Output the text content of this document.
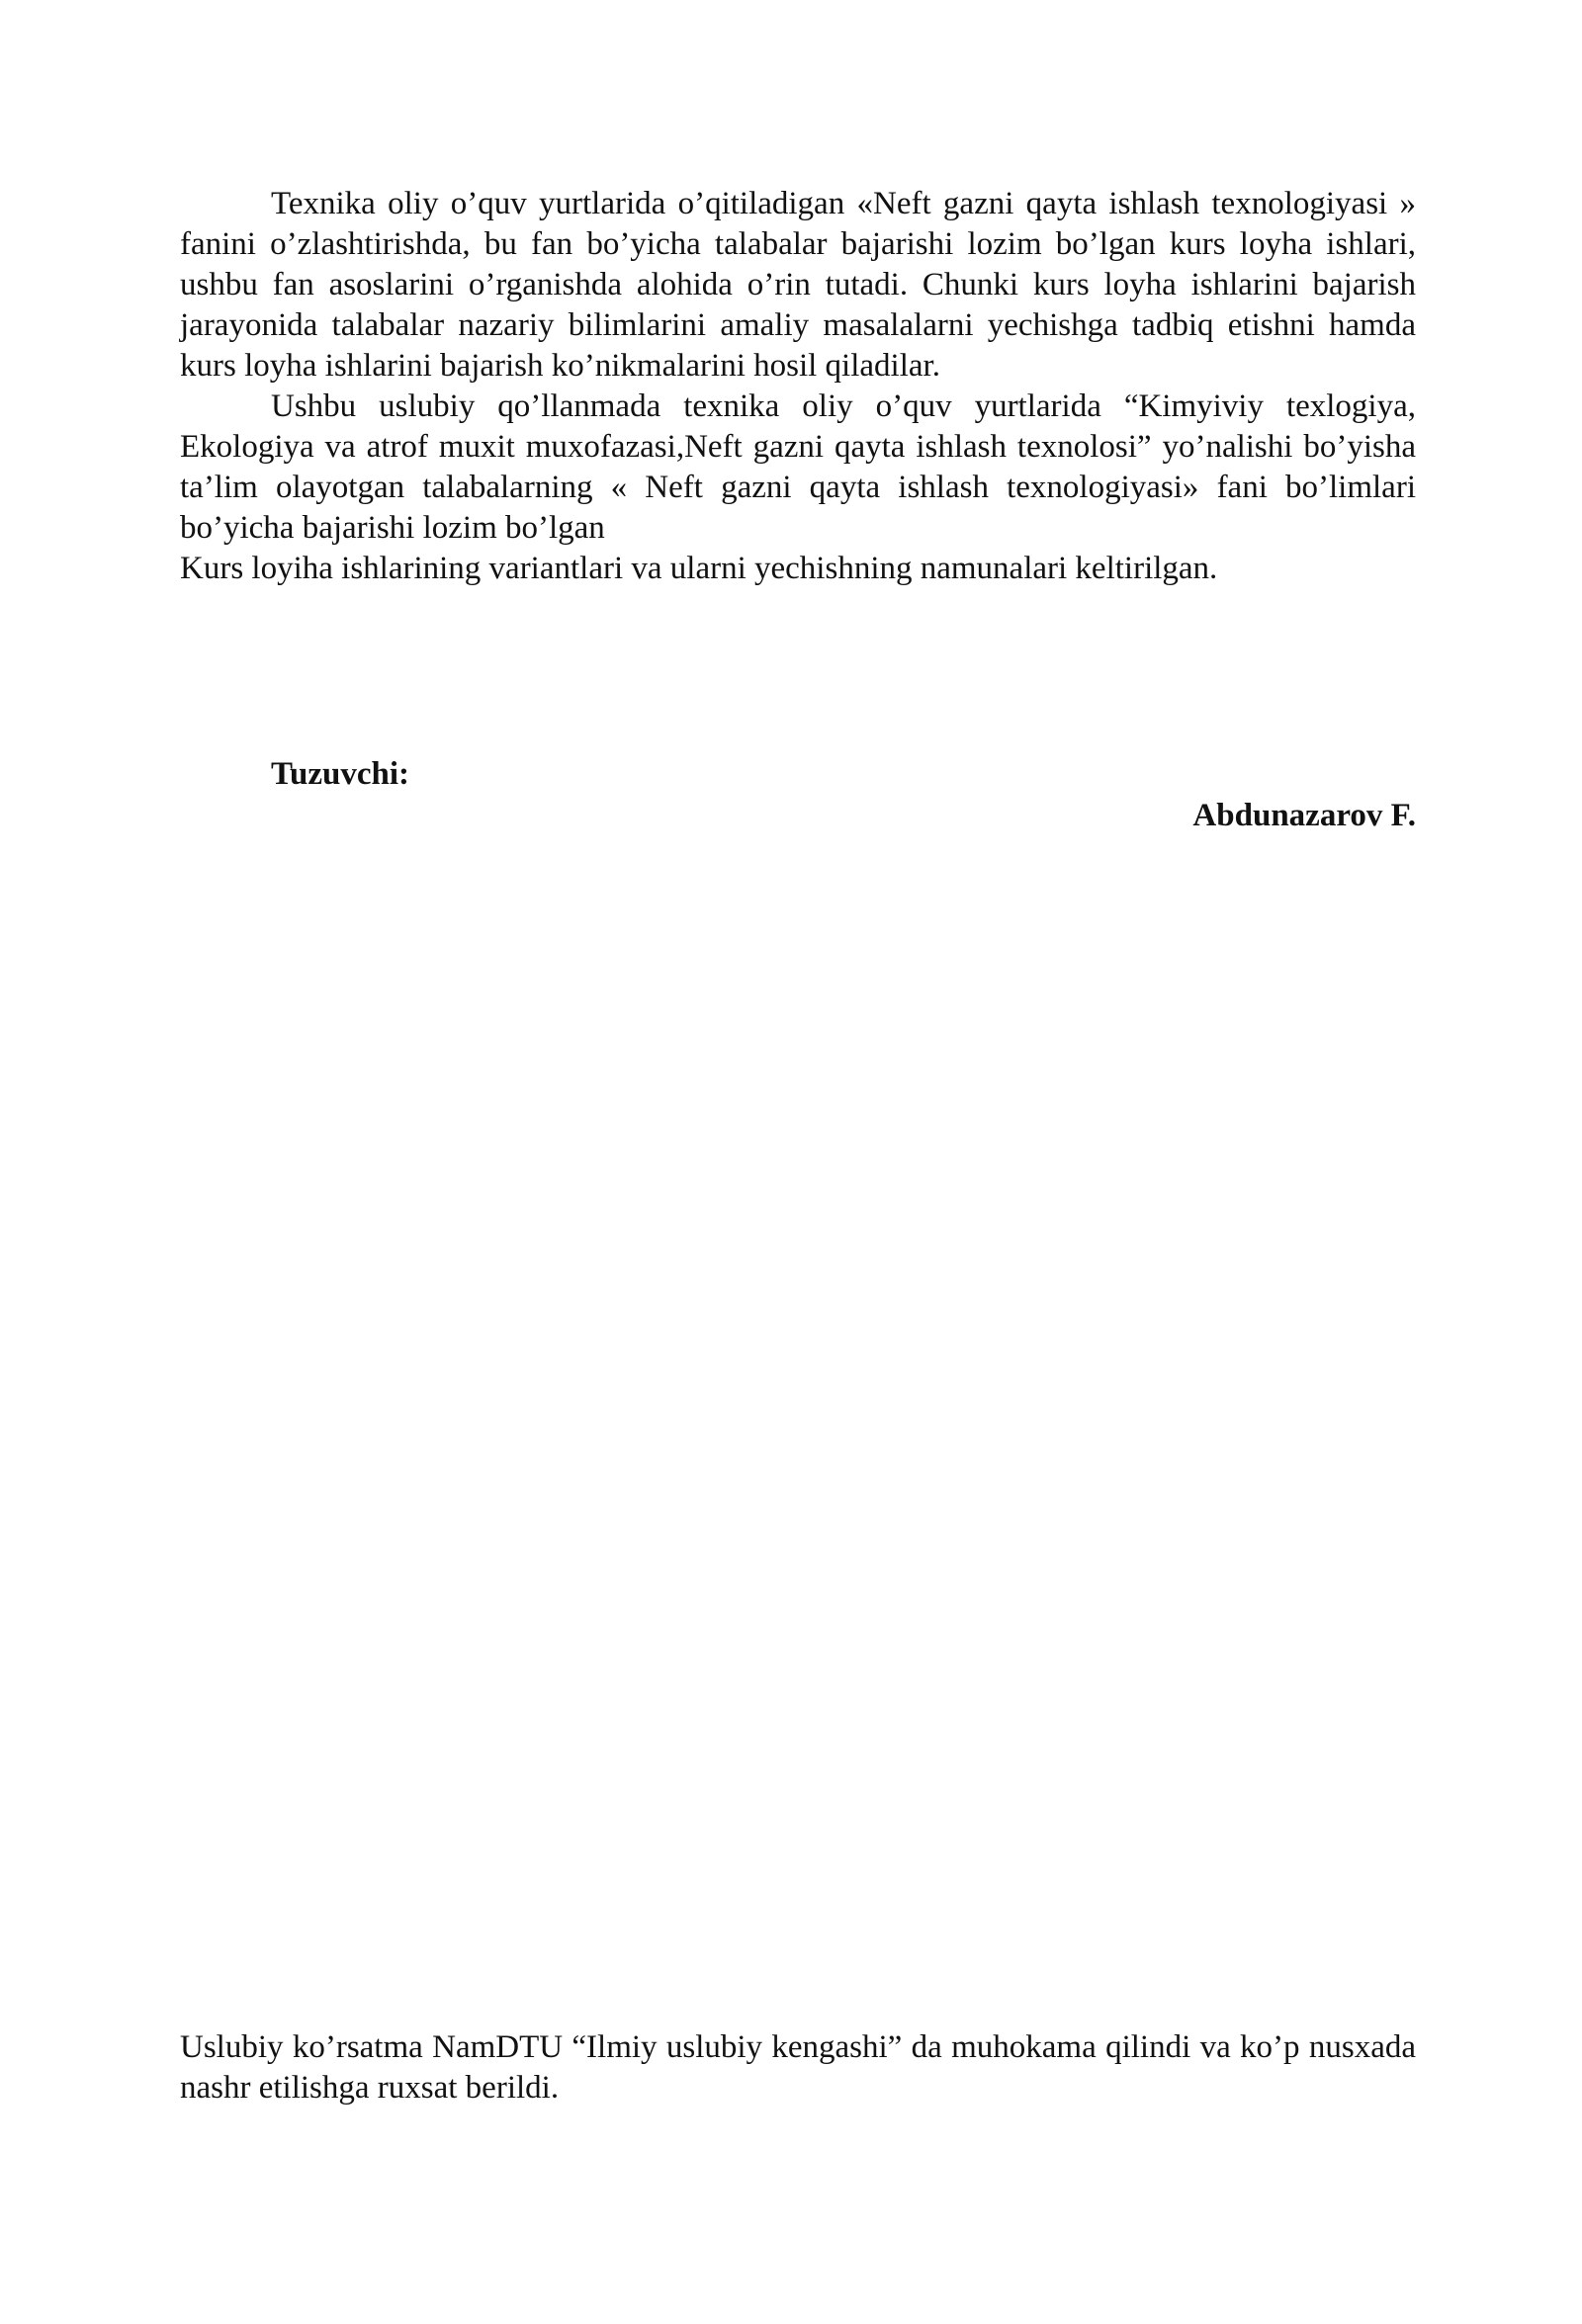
Texnika oliy o’quv yurtlarida o’qitiladigan «Neft gazni qayta ishlash texnologiyasi » fanini o’zlashtirishda, bu fan bo’yicha talabalar bajarishi lozim bo’lgan kurs loyha ishlari, ushbu fan asoslarini o’rganishda alohida o’rin tutadi. Chunki kurs loyha ishlarini bajarish jarayonida talabalar nazariy bilimlarini amaliy masalalarni yechishga tadbiq etishni hamda kurs loyha ishlarini bajarish ko’nikmalarini hosil qiladilar.

Ushbu uslubiy qo’llanmada texnika oliy o’quv yurtlarida “Kimyiviy texlogiya, Ekologiya va atrof muxit muxofazasi,Neft gazni qayta ishlash texnolosi” yo’nalishi bo’yisha ta’lim olayotgan talabalarning « Neft gazni qayta ishlash texnologiyasi» fani bo’limlari bo’yicha bajarishi lozim bo’lgan

Kurs loyiha ishlarining variantlari va ularni yechishning namunalari keltirilgan.

Tuzuvchi:
Abdunazarov F.
Uslubiy ko’rsatma NamDTU “Ilmiy uslubiy kengashi” da muhokama qilindi va ko’p nusxada nashr etilishga ruxsat berildi.
